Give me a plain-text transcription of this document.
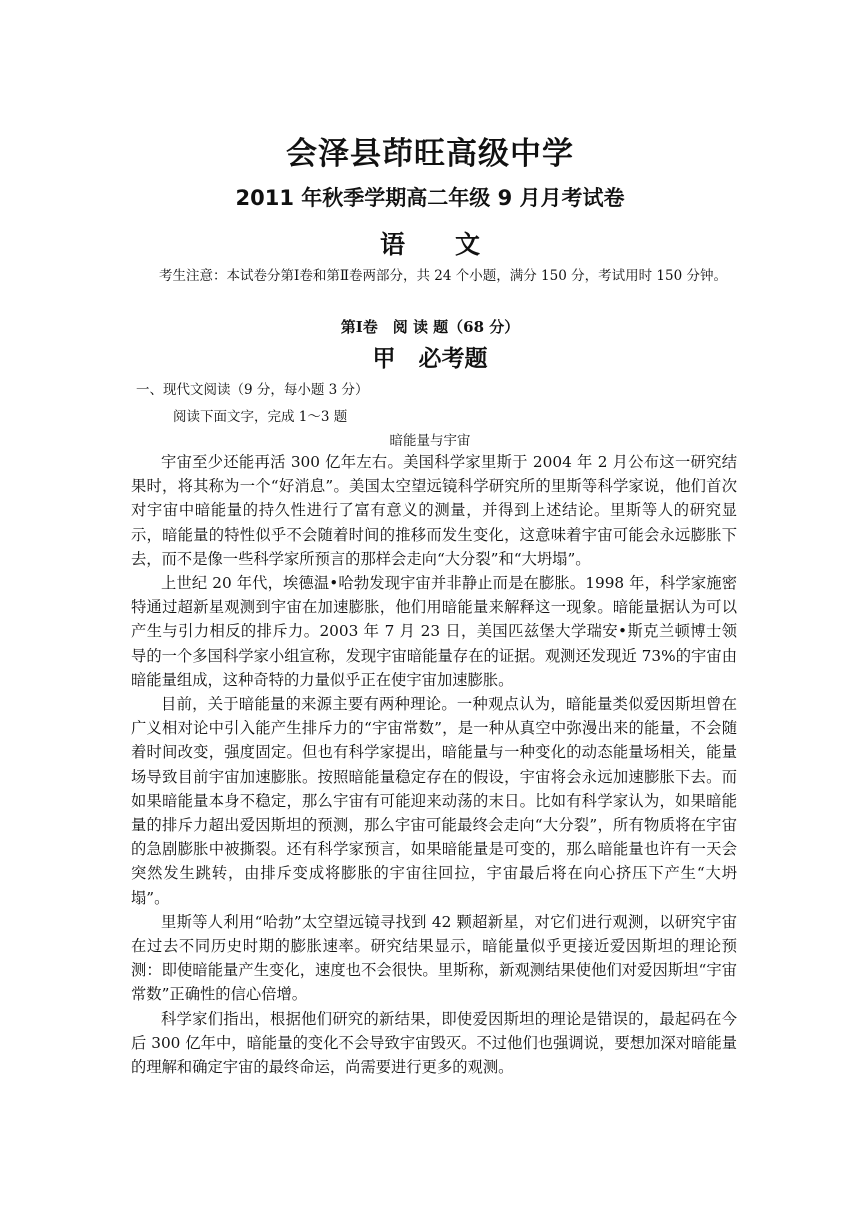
会泽县茚旺高级中学
2011 年秋季学期高二年级 9 月月考试卷
语　　文
考生注意：本试卷分第Ⅰ卷和第Ⅱ卷两部分，共 24 个小题，满分 150 分，考试用时 150 分钟。
第Ⅰ卷　阅 读 题（68 分）
甲　必考题
一、现代文阅读（9 分，每小题 3 分）
阅读下面文字，完成 1～3 题
暗能量与宇宙

宇宙至少还能再活 300 亿年左右。美国科学家里斯于 2004 年 2 月公布这一研究结果时，将其称为一个“好消息”。美国太空望远镜科学研究所的里斯等科学家说，他们首次对宇宙中暗能量的持久性进行了富有意义的测量，并得到上述结论。里斯等人的研究显示，暗能量的特性似乎不会随着时间的推移而发生变化，这意味着宇宙可能会永远膨胀下去，而不是像一些科学家所预言的那样会走向“大分裂”和“大坍塌”。

上世纪 20 年代，埃德温•哈勃发现宇宙并非静止而是在膨胀。1998 年，科学家施密特通过超新星观测到宇宙在加速膨胀，他们用暗能量来解释这一现象。暗能量据认为可以产生与引力相反的排斥力。2003 年 7 月 23 日，美国匹兹堡大学瑞安•斯克兰顿博士领导的一个多国科学家小组宣称，发现宇宙暗能量存在的证据。观测还发现近 73%的宇宙由暗能量组成，这种奇特的力量似乎正在使宇宙加速膨胀。

目前，关于暗能量的来源主要有两种理论。一种观点认为，暗能量类似爱因斯坦曾在广义相对论中引入能产生排斥力的“宇宙常数”，是一种从真空中弥漫出来的能量，不会随着时间改变，强度固定。但也有科学家提出，暗能量与一种变化的动态能量场相关，能量场导致目前宇宙加速膨胀。按照暗能量稳定存在的假设，宇宙将会永远加速膨胀下去。而如果暗能量本身不稳定，那么宇宙有可能迎来动荡的末日。比如有科学家认为，如果暗能量的排斥力超出爱因斯坦的预测，那么宇宙可能最终会走向“大分裂”，所有物质将在宇宙的急剧膨胀中被撕裂。还有科学家预言，如果暗能量是可变的，那么暗能量也许有一天会突然发生跳转，由排斥变成将膨胀的宇宙往回拉，宇宙最后将在向心挤压下产生“大坍塌”。

里斯等人利用“哈勃”太空望远镜寻找到 42 颗超新星，对它们进行观测，以研究宇宙在过去不同历史时期的膨胀速率。研究结果显示，暗能量似乎更接近爱因斯坦的理论预测：即使暗能量产生变化，速度也不会很快。里斯称，新观测结果使他们对爱因斯坦“宇宙常数”正确性的信心倍增。

科学家们指出，根据他们研究的新结果，即使爱因斯坦的理论是错误的，最起码在今后 300 亿年中，暗能量的变化不会导致宇宙毁灭。不过他们也强调说，要想加深对暗能量的理解和确定宇宙的最终命运，尚需要进行更多的观测。
